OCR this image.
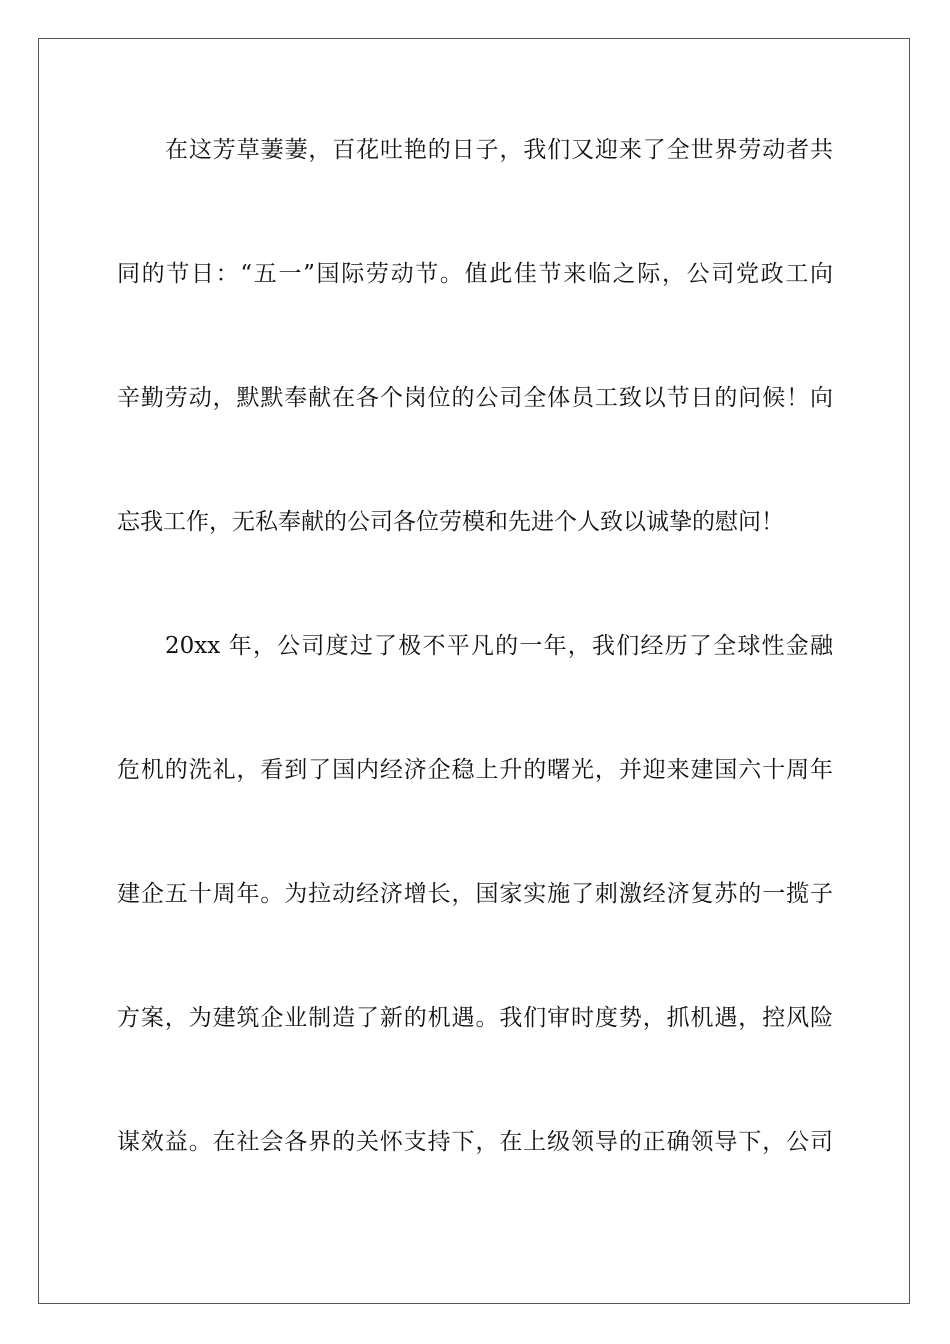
在这芳草萋萋，百花吐艳的日子，我们又迎来了全世界劳动者共

同的节日：“五一”国际劳动节。值此佳节来临之际，公司党政工向

辛勤劳动，默默奉献在各个岗位的公司全体员工致以节日的问候！向

忘我工作，无私奉献的公司各位劳模和先进个人致以诚挚的慰问！

20xx 年，公司度过了极不平凡的一年，我们经历了全球性金融

危机的洗礼，看到了国内经济企稳上升的曙光，并迎来建国六十周年

建企五十周年。为拉动经济增长，国家实施了刺激经济复苏的一揽子

方案，为建筑企业制造了新的机遇。我们审时度势，抓机遇，控风险

谋效益。在社会各界的关怀支持下，在上级领导的正确领导下，公司
